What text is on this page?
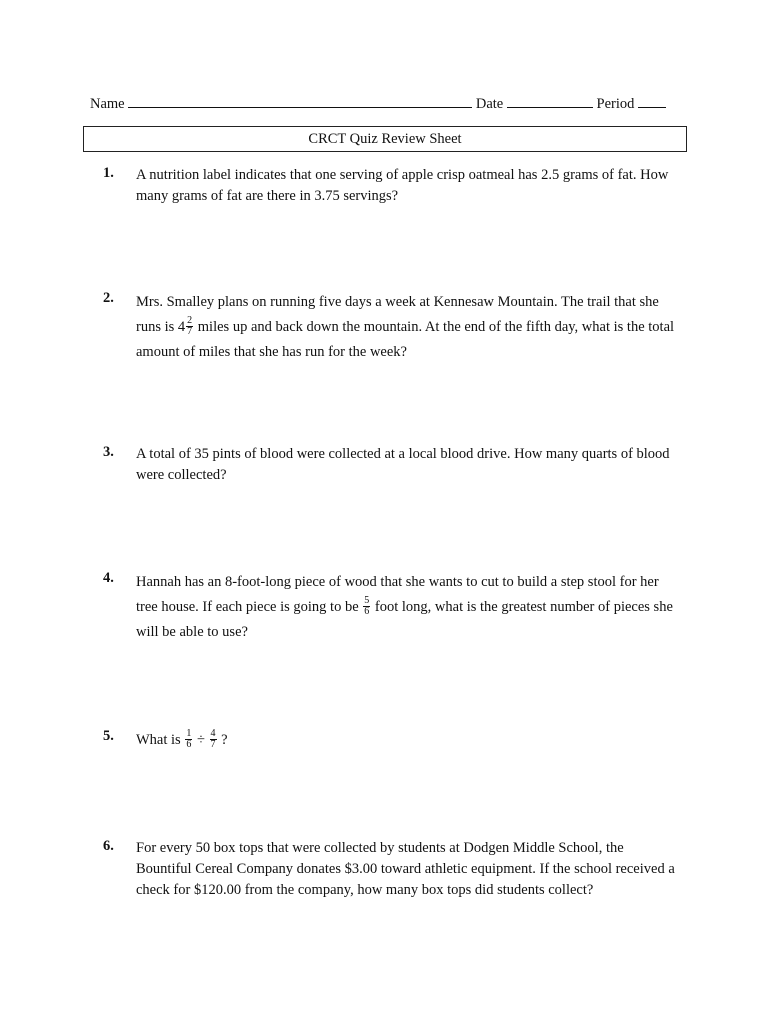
Name	Date	Period
CRCT Quiz Review Sheet
1. A nutrition label indicates that one serving of apple crisp oatmeal has 2.5 grams of fat. How many grams of fat are there in 3.75 servings?
2. Mrs. Smalley plans on running five days a week at Kennesaw Mountain. The trail that she runs is $4 \frac{2}{7}$ miles up and back down the mountain. At the end of the fifth day, what is the total amount of miles that she has run for the week?
3. A total of 35 pints of blood were collected at a local blood drive. How many quarts of blood were collected?
4. Hannah has an 8-foot-long piece of wood that she wants to cut to build a step stool for her tree house. If each piece is going to be $\frac{5}{6}$ foot long, what is the greatest number of pieces she will be able to use?
5. What is $\frac{1}{6} \div \frac{4}{7}$ ?
6. For every 50 box tops that were collected by students at Dodgen Middle School, the Bountiful Cereal Company donates $3.00 toward athletic equipment. If the school received a check for $120.00 from the company, how many box tops did students collect?
